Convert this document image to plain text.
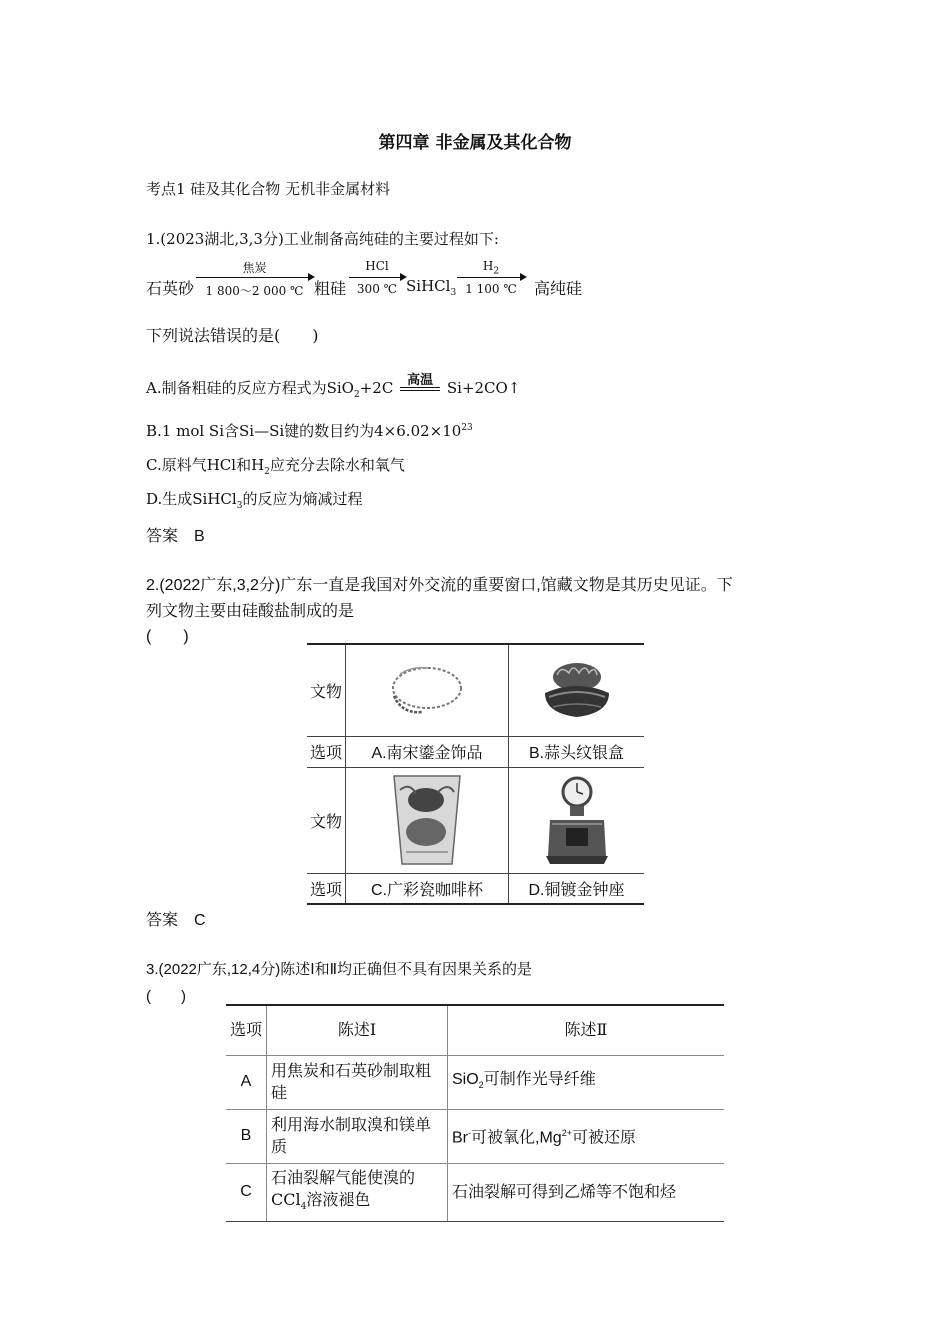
第四章 非金属及其化合物
考点1 硅及其化合物 无机非金属材料
1.(2023湖北,3,3分)工业制备高纯硅的主要过程如下:
石英砂
焦炭
1 800～2 000 ℃ 粗硅
HCl
300 ℃ SiHCl$_3$
$H_2$
1 100 ℃	高纯硅
下列说法错误的是(　　)
A.制备粗硅的反应方程式为SiO$_2$+2C	高温 Si+2CO↑
B.1 mol Si含Si—Si键的数目约为$4\times 6.02\times 10^{23}$
C.原料气HCl和$H_2$应充分去除水和氧气
D.生成SiHCl$_3$的反应为熵减过程
答案　B
2.(2022广东,3,2分)广东一直是我国对外交流的重要窗口,馆藏文物是其历史见证。下
列文物主要由硅酸盐制成的是
(　　)
文物	

选项	A.南宋鎏金饰品	B.蒜头纹银盒
文物	

选项	C.广彩瓷咖啡杯	D.铜镀金钟座
答案　C
3.(2022广东,12,4分)陈述Ⅰ和Ⅱ均正确但不具有因果关系的是
(　　)
选项	陈述Ⅰ	陈述Ⅱ
A	用焦炭和石英砂制取粗硅	SiO$_2$可制作光导纤维
B	利用海水制取溴和镁单质	Br-可被氧化$,Mg^{2+}$可被还原
C	石油裂解气能使溴的CCl$_4$溶液褪色	石油裂解可得到乙烯等不饱和烃
